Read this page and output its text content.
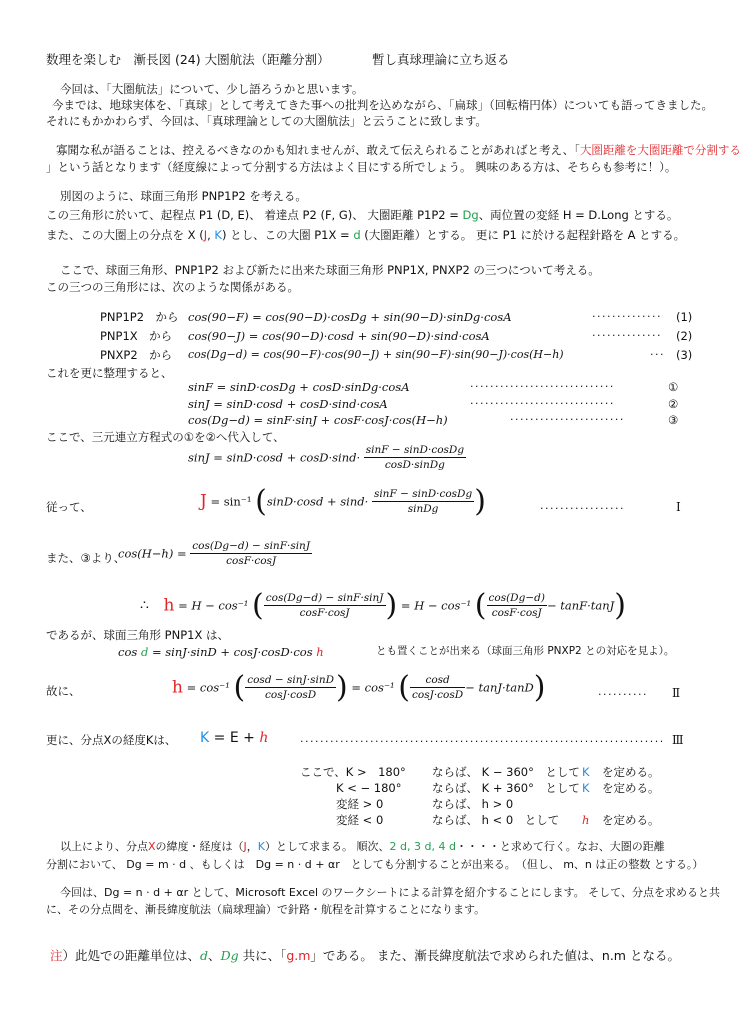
数理を楽しむ　漸長図 (24) 大圏航法（距離分割）	暫し真球理論に立ち返る
今回は、「大圏航法」について、少し語ろうかと思います。
今までは、地球実体を、「真球」として考えてきた事への批判を込めながら、「扁球」（回転楕円体）についても語ってきました。
それにもかかわらず、今回は、「真球理論としての大圏航法」と云うことに致します。
寡聞な私が語ることは、控えるべきなのかも知れませんが、敢えて伝えられることがあればと考え、「大圏距離を大圏距離で分割する
」という話となります（経度線によって分割する方法はよく目にする所でしょう。 興味のある方は、そちらも参考に！）。
別図のように、球面三角形 PNP1P2 を考える。
この三角形に於いて、起程点 P1 (D, E)、 着達点 P2 (F, G)、 大圏距離 P1P2 = Dg、両位置の変経 H = D.Long とする。
また、この大圏上の分点を X (J, K) とし、この大圏 P1X = d (大圏距離）とする。 更に P1 に於ける起程針路を A とする。
ここで、球面三角形、PNP1P2 および新たに出来た球面三角形 PNP1X, PNXP2 の三つについて考える。
この三つの三角形には、次のような関係がある。
PNP1P2　から cos(90−F) = cos(90−D)·cosDg + sin(90−D)·sinDg·cosA	·············· (1)
PNP1X　から cos(90−J) = cos(90−D)·cosd + sin(90−D)·sind·cosA	·············· (2)
PNXP2　から cos(Dg−d) = cos(90−F)·cos(90−J) + sin(90−F)·sin(90−J)·cos(H−h)	··· (3)
これを更に整理すると、
sinF = sinD·cosDg + cosD·sinDg·cosA	·····························	①
sinJ = sinD·cosd + cosD·sind·cosA	·····························	②
cos(Dg−d) = sinF·sinJ + cosF·cosJ·cos(H−h)	·······················	③
ここで、三元連立方程式の①を②へ代入して、
$\sin J = \sin D\cdot\cos d + \cos D\cdot\sin d\cdot \frac{\text{sinF − sinD·cosDg}}{\text{cosD·sinDg}}$
従って、	J = sin⁻¹ ($\sin D\cdot\cos d + \sin d\cdot \frac{\text{sinF − sinD·cosDg}}{\text{sinDg}}$ )	·················	I
また、③より、
$\cos(H-h) = \frac{\cos(Dg-d) - \sin F\cdot\sin J}{\cos F\cdot\cos J}$
∴ h = H − cos⁻¹ ( $\frac{\cos(Dg-d) - \sin F\cdot\sin J}{\cos F\cdot\cos J}$ ) = H − cos⁻¹ ( $\frac{\cos(Dg-d)}{\cos F\cdot\cos J} - \tan F\cdot\tan J$)
であるが、球面三角形 PNP1X は、
cos d = sinJ·sinD + cosJ·cosD·cos h	とも置くことが出来る（球面三角形 PNXP2 との対応を見よ）。
故に、	h = cos⁻¹ ( $\frac{\cos d - \sin J\cdot\sin D}{\cos J\cdot\cos D}$ ) = cos⁻¹ ( $\frac{\cos d}{\cos J\cdot\cos D} - \tan J\cdot\tan D$)	·········· Ⅱ
更に、分点Xの経度Kは、 K = E + h	········································································· Ⅲ
ここで、K >　180° ならば、 K − 360°　として K を定める。
K < − 180°	ならば、 K + 360°　として K を定める。
変経 > 0	ならば、 h > 0
変経 < 0	ならば、 h < 0　として h を定める。
以上により、分点Xの緯度・経度は（J，K）として求まる。 順次、2 d, 3 d, 4 d・・・・と求めて行く。なお、大圏の距離
分割において、 Dg = m · d 、もしくは　Dg = n · d + αr　としても分割することが出来る。　（但し、 m、n は正の整数 とする。）
今回は、Dg = n · d + αr として、Microsoft Excel のワークシートによる計算を紹介することにします。 そして、分点を求めると共
に、その分点間を、漸長緯度航法（扁球理論）で針路・航程を計算することになります。
注）此処での距離単位は、d、Dg 共に、「g.m」である。 また、漸長緯度航法で求められた値は、n.m となる。
